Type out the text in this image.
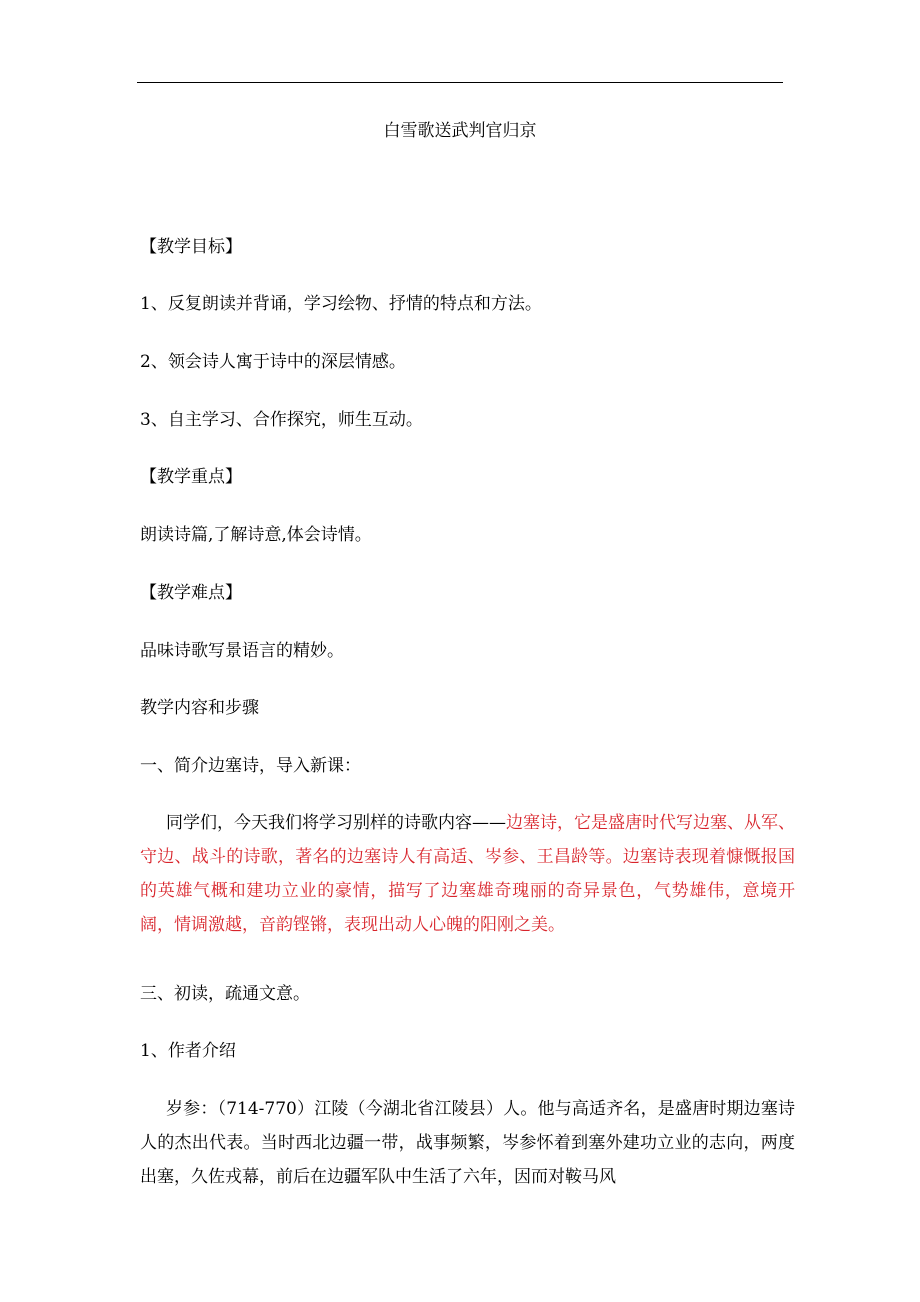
白雪歌送武判官归京
【教学目标】
1、反复朗读并背诵，学习绘物、抒情的特点和方法。
2、领会诗人寓于诗中的深层情感。
3、自主学习、合作探究，师生互动。
【教学重点】
朗读诗篇,了解诗意,体会诗情。
【教学难点】
品味诗歌写景语言的精妙。
教学内容和步骤
一、简介边塞诗，导入新课：

同学们，今天我们将学习别样的诗歌内容——边塞诗，它是盛唐时代写边塞、从军、守边、战斗的诗歌，著名的边塞诗人有高适、岑参、王昌龄等。边塞诗表现着慷慨报国的英雄气概和建功立业的豪情，描写了边塞雄奇瑰丽的奇异景色，气势雄伟，意境开阔，情调激越，音韵铿锵，表现出动人心魄的阳刚之美。

三、初读，疏通文意。
1、作者介绍

岁参：（714-770）江陵（今湖北省江陵县）人。他与高适齐名，是盛唐时期边塞诗人的杰出代表。当时西北边疆一带，战事频繁，岑参怀着到塞外建功立业的志向，两度出塞，久佐戎幕，前后在边疆军队中生活了六年，因而对鞍马风
